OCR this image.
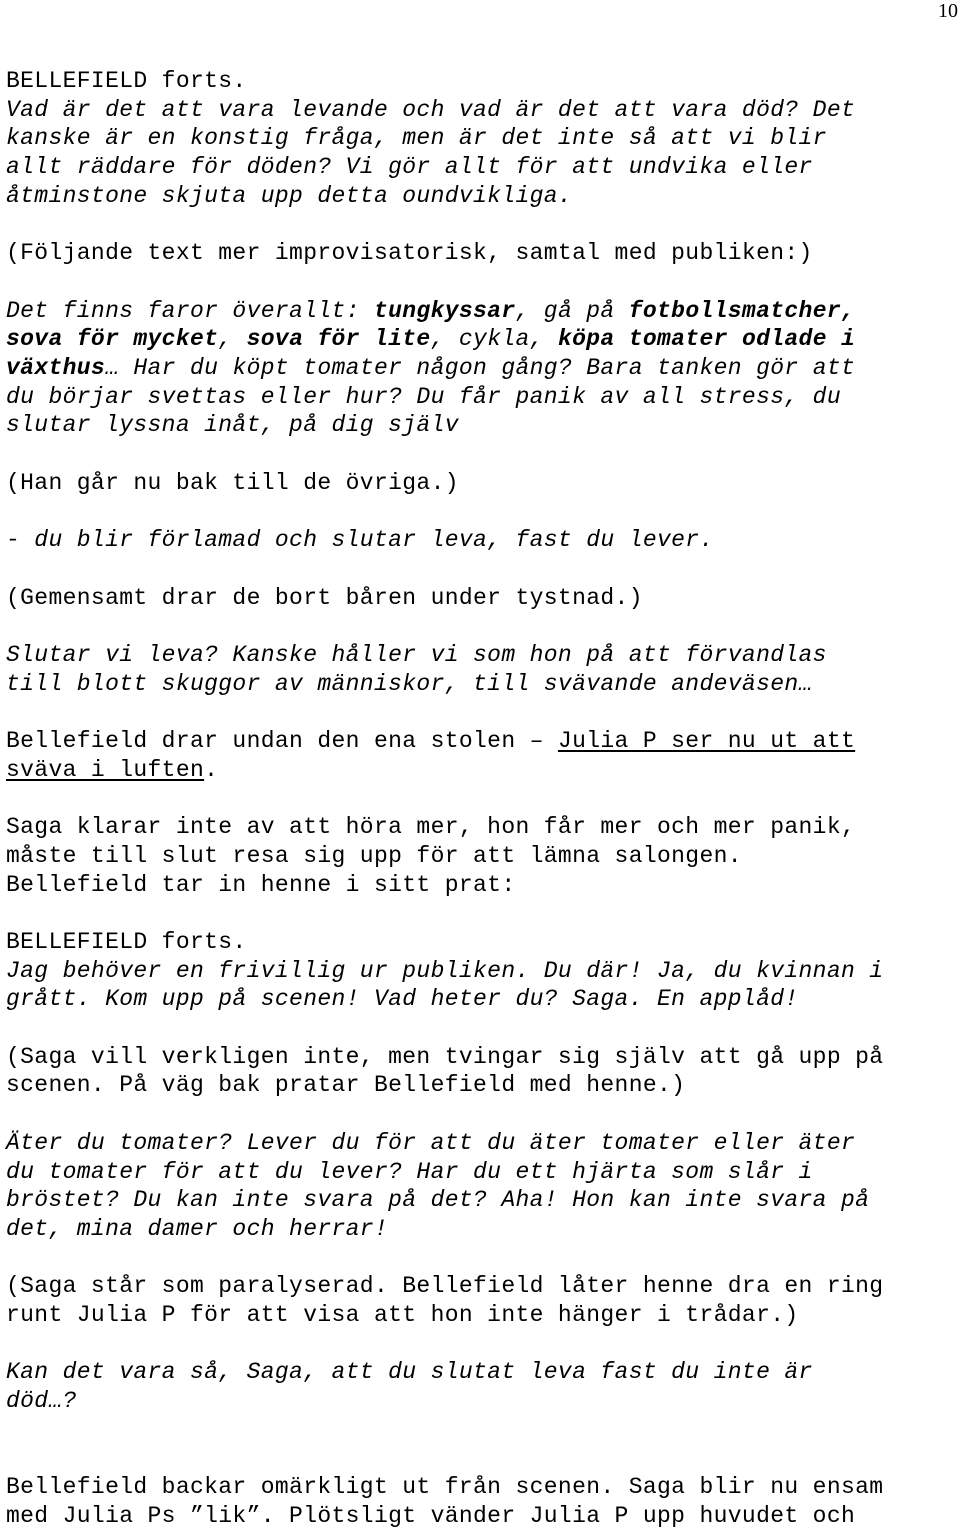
10

BELLEFIELD forts.

Vad är det att vara levande och vad är det att vara död? Det

kanske är en konstig fråga, men är det inte så att vi blir

allt räddare för döden? Vi gör allt för att undvika eller

åtminstone skjuta upp detta oundvikliga.

(Följande text mer improvisatorisk, samtal med publiken:)

Det finns faror överallt: tungkyssar, gå på fotbollsmatcher,

sova för mycket, sova för lite, cykla, köpa tomater odlade i

växthus… Har du köpt tomater någon gång? Bara tanken gör att

du börjar svettas eller hur? Du får panik av all stress, du

slutar lyssna inåt, på dig själv

(Han går nu bak till de övriga.)

- du blir förlamad och slutar leva, fast du lever.

(Gemensamt drar de bort båren under tystnad.)

Slutar vi leva? Kanske håller vi som hon på att förvandlas

till blott skuggor av människor, till svävande andeväsen…

Bellefield drar undan den ena stolen – Julia P ser nu ut att

sväva i luften.

Saga klarar inte av att höra mer, hon får mer och mer panik,

måste till slut resa sig upp för att lämna salongen.

Bellefield tar in henne i sitt prat:

BELLEFIELD forts.

Jag behöver en frivillig ur publiken. Du där! Ja, du kvinnan i

grått. Kom upp på scenen! Vad heter du? Saga. En applåd!

(Saga vill verkligen inte, men tvingar sig själv att gå upp på

scenen. På väg bak pratar Bellefield med henne.)

Äter du tomater? Lever du för att du äter tomater eller äter

du tomater för att du lever? Har du ett hjärta som slår i

bröstet? Du kan inte svara på det? Aha! Hon kan inte svara på

det, mina damer och herrar!

(Saga står som paralyserad. Bellefield låter henne dra en ring

runt Julia P för att visa att hon inte hänger i trådar.)

Kan det vara så, Saga, att du slutat leva fast du inte är

död…?

Bellefield backar omärkligt ut från scenen. Saga blir nu ensam

med Julia Ps ”lik”. Plötsligt vänder Julia P upp huvudet och
